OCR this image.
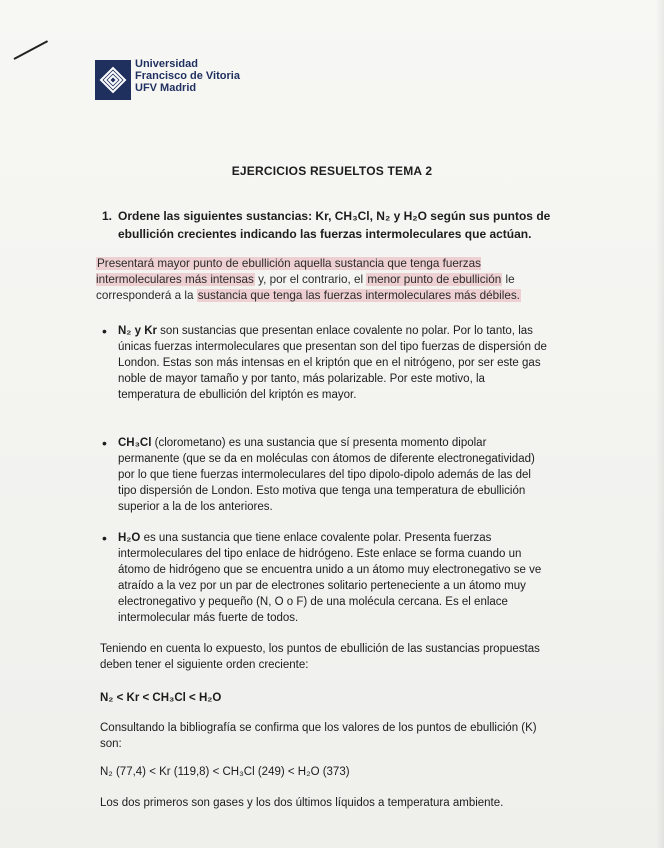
Universidad
Francisco de Vitoria
UFV Madrid
EJERCICIOS RESUELTOS TEMA 2
1. Ordene las siguientes sustancias: Kr, CH₃Cl, N₂ y H₂O según sus puntos de ebullición crecientes indicando las fuerzas intermoleculares que actúan.
Presentará mayor punto de ebullición aquella sustancia que tenga fuerzas intermoleculares más intensas y, por el contrario, el menor punto de ebullición le corresponderá a la sustancia que tenga las fuerzas intermoleculares más débiles.
• N₂ y Kr son sustancias que presentan enlace covalente no polar. Por lo tanto, las únicas fuerzas intermoleculares que presentan son del tipo fuerzas de dispersión de London. Estas son más intensas en el kriptón que en el nitrógeno, por ser este gas noble de mayor tamaño y por tanto, más polarizable. Por este motivo, la temperatura de ebullición del kriptón es mayor.
• CH₃Cl (clorometano) es una sustancia que sí presenta momento dipolar permanente (que se da en moléculas con átomos de diferente electronegatividad) por lo que tiene fuerzas intermoleculares del tipo dipolo-dipolo además de las del tipo dispersión de London. Esto motiva que tenga una temperatura de ebullición superior a la de los anteriores.
• H₂O es una sustancia que tiene enlace covalente polar. Presenta fuerzas intermoleculares del tipo enlace de hidrógeno. Este enlace se forma cuando un átomo de hidrógeno que se encuentra unido a un átomo muy electronegativo se ve atraído a la vez por un par de electrones solitario perteneciente a un átomo muy electronegativo y pequeño (N, O o F) de una molécula cercana. Es el enlace intermolecular más fuerte de todos.
Teniendo en cuenta lo expuesto, los puntos de ebullición de las sustancias propuestas deben tener el siguiente orden creciente:
N₂ < Kr < CH₃Cl < H₂O
Consultando la bibliografía se confirma que los valores de los puntos de ebullición (K) son:
N₂ (77,4) < Kr (119,8) < CH₃Cl (249) < H₂O (373)
Los dos primeros son gases y los dos últimos líquidos a temperatura ambiente.
